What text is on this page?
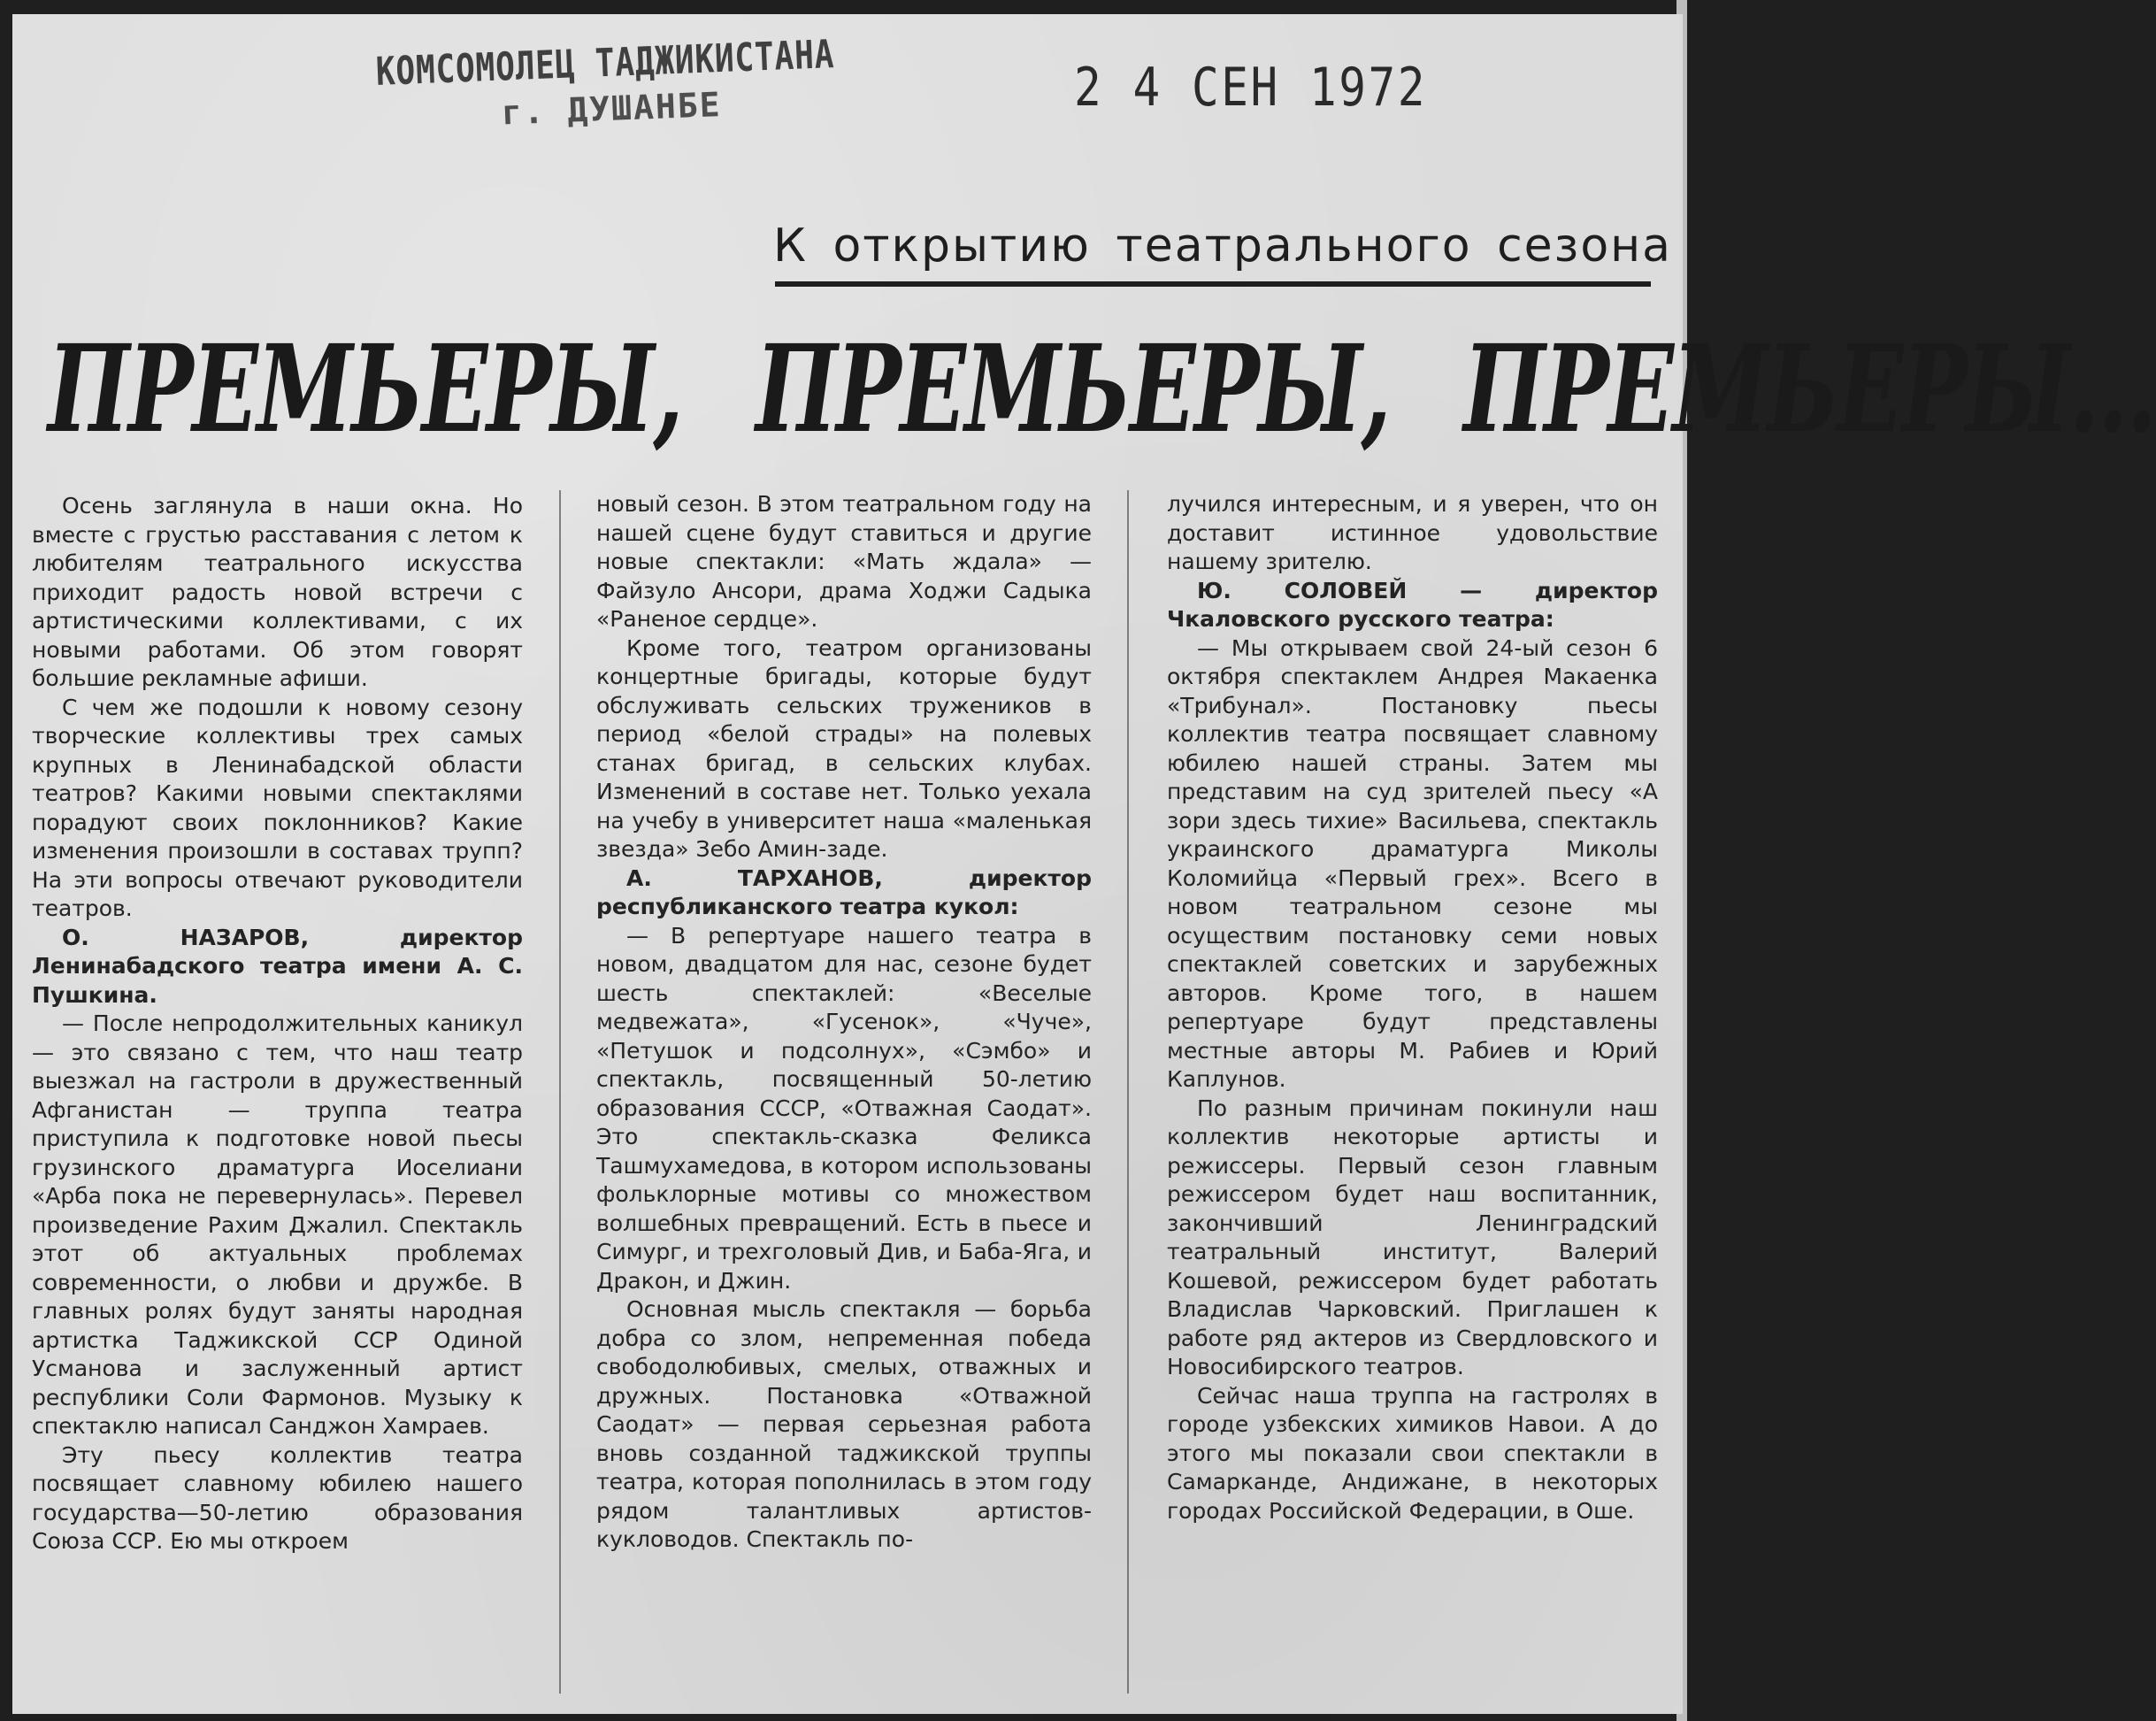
КОМСОМОЛЕЦ ТАДЖИКИСТАНА
г. ДУШАНБЕ	2 4 СЕН 1972
К открытию театрального сезона
ПРЕМЬЕРЫ, ПРЕМЬЕРЫ, ПРЕМЬЕРЫ...

Осень заглянула в наши окна. Но вместе с грустью расставания с летом к любителям театрального искусства приходит радость новой встречи с артистическими коллективами, с их новыми работами. Об этом говорят большие рекламные афиши.

С чем же подошли к новому сезону творческие коллективы трех самых крупных в Ленинабадской области театров? Какими новыми спектаклями порадуют своих поклонников? Какие изменения произошли в составах трупп? На эти вопросы отвечают руководители театров.

О. НАЗАРОВ, директор Ленинабадского театра имени А. С. Пушкина.

— После непродолжительных каникул — это связано с тем, что наш театр выезжал на гастроли в дружественный Афганистан — труппа театра приступила к подготовке новой пьесы грузинского драматурга Иоселиани «Арба пока не перевернулась». Перевел произведение Рахим Джалил. Спектакль этот об актуальных проблемах современности, о любви и дружбе. В главных ролях будут заняты народная артистка Таджикской ССР Одиной Усманова и заслуженный артист республики Соли Фармонов. Музыку к спектаклю написал Санджон Хамраев.

Эту пьесу коллектив театра посвящает славному юбилею нашего государства—50-летию образования Союза ССР. Ею мы откроем

новый сезон. В этом театральном году на нашей сцене будут ставиться и другие новые спектакли: «Мать ждала» — Файзуло Ансори, драма Ходжи Садыка «Раненое сердце».

Кроме того, театром организованы концертные бригады, которые будут обслуживать сельских тружеников в период «белой страды» на полевых станах бригад, в сельских клубах. Изменений в составе нет. Только уехала на учебу в университет наша «маленькая звезда» Зебо Амин-заде.

А. ТАРХАНОВ, директор республиканского театра кукол:

— В репертуаре нашего театра в новом, двадцатом для нас, сезоне будет шесть спектаклей: «Веселые медвежата», «Гусенок», «Чуче», «Петушок и подсолнух», «Сэмбо» и спектакль, посвященный 50-летию образования СССР, «Отважная Саодат». Это спектакль-сказка Феликса Ташмухамедова, в котором использованы фольклорные мотивы со множеством волшебных превращений. Есть в пьесе и Симург, и трехголовый Див, и Баба-Яга, и Дракон, и Джин.

Основная мысль спектакля — борьба добра со злом, непременная победа свободолюбивых, смелых, отважных и дружных. Постановка «Отважной Саодат» — первая серьезная работа вновь созданной таджикской труппы театра, которая пополнилась в этом году рядом талантливых артистов-кукловодов. Спектакль по-

лучился интересным, и я уверен, что он доставит истинное удовольствие нашему зрителю.

Ю. СОЛОВЕЙ — директор Чкаловского русского театра:

— Мы открываем свой 24-ый сезон 6 октября спектаклем Андрея Макаенка «Трибунал». Постановку пьесы коллектив театра посвящает славному юбилею нашей страны. Затем мы представим на суд зрителей пьесу «А зори здесь тихие» Васильева, спектакль украинского драматурга Миколы Коломийца «Первый грех». Всего в новом театральном сезоне мы осуществим постановку семи новых спектаклей советских и зарубежных авторов. Кроме того, в нашем репертуаре будут представлены местные авторы М. Рабиев и Юрий Каплунов.

По разным причинам покинули наш коллектив некоторые артисты и режиссеры. Первый сезон главным режиссером будет наш воспитанник, закончивший Ленинградский театральный институт, Валерий Кошевой, режиссером будет работать Владислав Чарковский. Приглашен к работе ряд актеров из Свердловского и Новосибирского театров.

Сейчас наша труппа на гастролях в городе узбекских химиков Навои. А до этого мы показали свои спектакли в Самарканде, Андижане, в некоторых городах Российской Федерации, в Оше.
